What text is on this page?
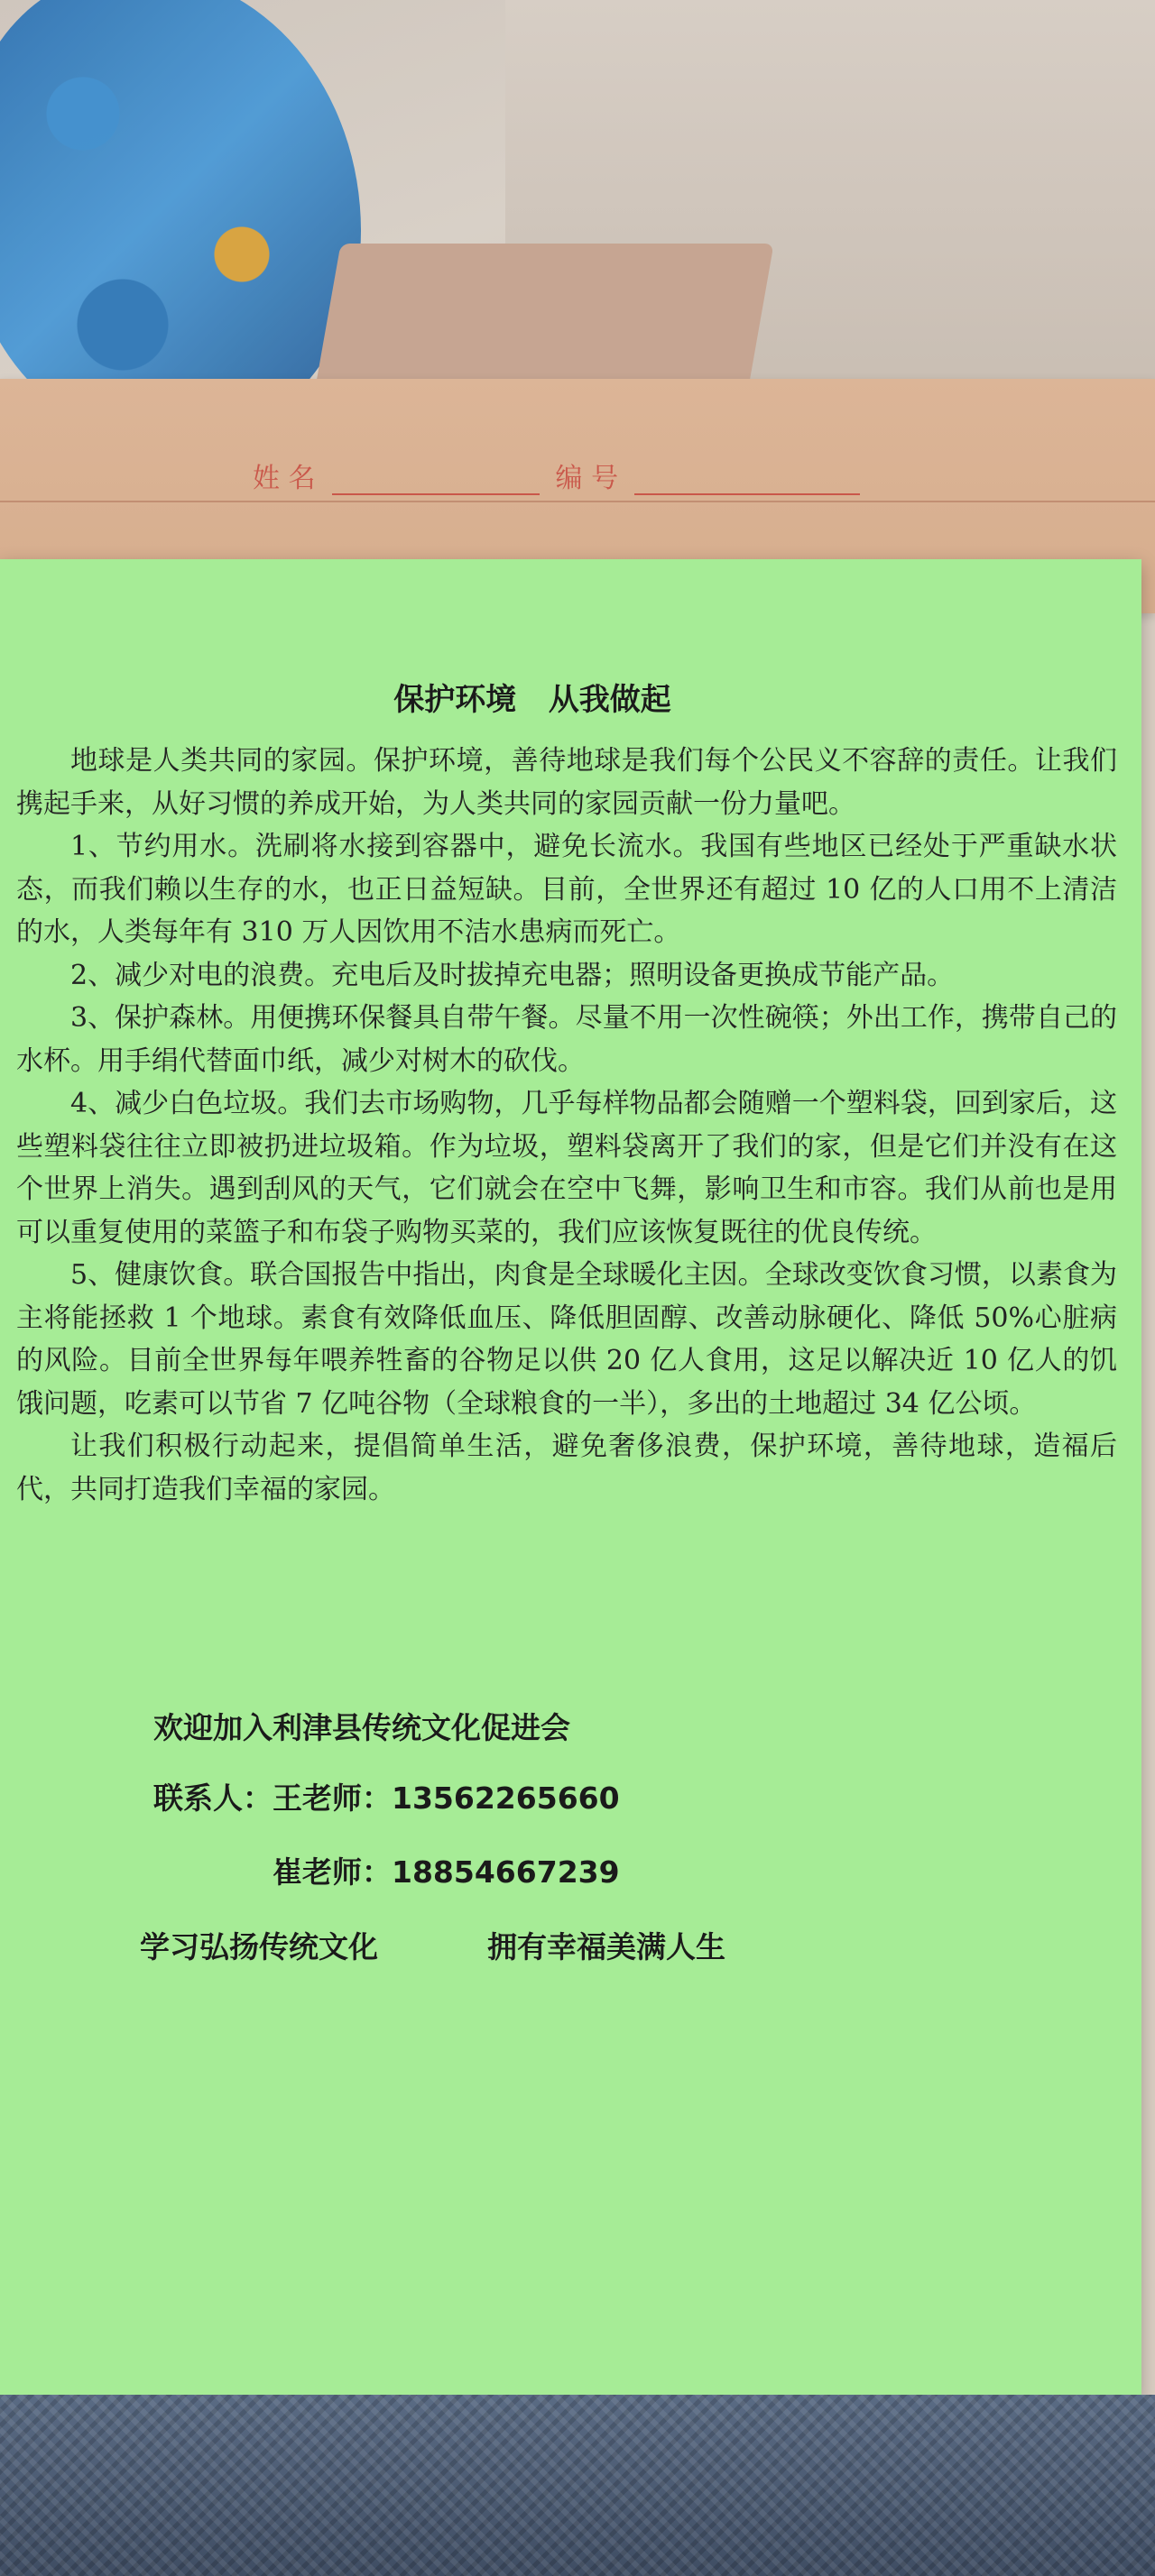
姓 名	编 号
保护环境   从我做起

地球是人类共同的家园。保护环境，善待地球是我们每个公民义不容辞的责任。让我们携起手来，从好习惯的养成开始，为人类共同的家园贡献一份力量吧。

1、节约用水。洗刷将水接到容器中，避免长流水。我国有些地区已经处于严重缺水状态，而我们赖以生存的水，也正日益短缺。目前，全世界还有超过 10 亿的人口用不上清洁的水，人类每年有 310 万人因饮用不洁水患病而死亡。

2、减少对电的浪费。充电后及时拔掉充电器；照明设备更换成节能产品。

3、保护森林。用便携环保餐具自带午餐。尽量不用一次性碗筷；外出工作，携带自己的水杯。用手绢代替面巾纸，减少对树木的砍伐。

4、减少白色垃圾。我们去市场购物，几乎每样物品都会随赠一个塑料袋，回到家后，这些塑料袋往往立即被扔进垃圾箱。作为垃圾，塑料袋离开了我们的家，但是它们并没有在这个世界上消失。遇到刮风的天气，它们就会在空中飞舞，影响卫生和市容。我们从前也是用可以重复使用的菜篮子和布袋子购物买菜的，我们应该恢复既往的优良传统。

5、健康饮食。联合国报告中指出，肉食是全球暖化主因。全球改变饮食习惯，以素食为主将能拯救 1 个地球。素食有效降低血压、降低胆固醇、改善动脉硬化、降低 50%心脏病的风险。目前全世界每年喂养牲畜的谷物足以供 20 亿人食用，这足以解决近 10 亿人的饥饿问题，吃素可以节省 7 亿吨谷物（全球粮食的一半），多出的土地超过 34 亿公顷。

让我们积极行动起来，提倡简单生活，避免奢侈浪费，保护环境，善待地球，造福后代，共同打造我们幸福的家园。

欢迎加入利津县传统文化促进会
联系人：王老师：13562265660
崔老师：18854667239
学习弘扬传统文化	拥有幸福美满人生
